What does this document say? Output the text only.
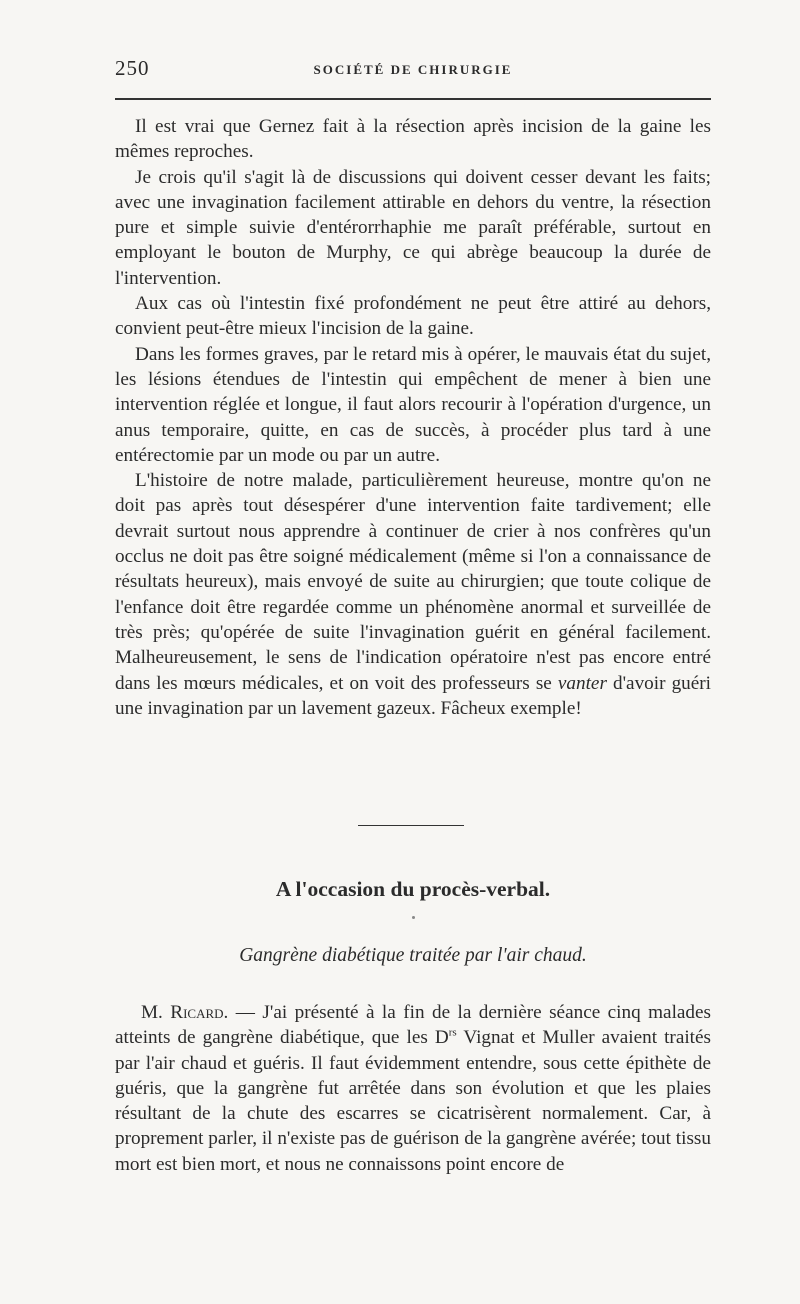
250	SOCIÉTÉ DE CHIRURGIE

Il est vrai que Gernez fait à la résection après incision de la gaine les mêmes reproches.

Je crois qu'il s'agit là de discussions qui doivent cesser devant les faits; avec une invagination facilement attirable en dehors du ventre, la résection pure et simple suivie d'entérorrhaphie me paraît préférable, surtout en employant le bouton de Murphy, ce qui abrège beaucoup la durée de l'intervention.

Aux cas où l'intestin fixé profondément ne peut être attiré au dehors, convient peut-être mieux l'incision de la gaine.

Dans les formes graves, par le retard mis à opérer, le mauvais état du sujet, les lésions étendues de l'intestin qui empêchent de mener à bien une intervention réglée et longue, il faut alors recourir à l'opération d'urgence, un anus temporaire, quitte, en cas de succès, à procéder plus tard à une entérectomie par un mode ou par un autre.

L'histoire de notre malade, particulièrement heureuse, montre qu'on ne doit pas après tout désespérer d'une intervention faite tardivement; elle devrait surtout nous apprendre à continuer de crier à nos confrères qu'un occlus ne doit pas être soigné médicalement (même si l'on a connaissance de résultats heureux), mais envoyé de suite au chirurgien; que toute colique de l'enfance doit être regardée comme un phénomène anormal et surveillée de très près; qu'opérée de suite l'invagination guérit en général facilement. Malheureusement, le sens de l'indication opératoire n'est pas encore entré dans les mœurs médicales, et on voit des professeurs se vanter d'avoir guéri une invagination par un lavement gazeux. Fâcheux exemple!

A l'occasion du procès-verbal.
Gangrène diabétique traitée par l'air chaud.

M. Ricard. — J'ai présenté à la fin de la dernière séance cinq malades atteints de gangrène diabétique, que les $D^{rs}$ Vignat et Muller avaient traités par l'air chaud et guéris. Il faut évidemment entendre, sous cette épithète de guéris, que la gangrène fut arrêtée dans son évolution et que les plaies résultant de la chute des escarres se cicatrisèrent normalement. Car, à proprement parler, il n'existe pas de guérison de la gangrène avérée; tout tissu mort est bien mort, et nous ne connaissons point encore de
